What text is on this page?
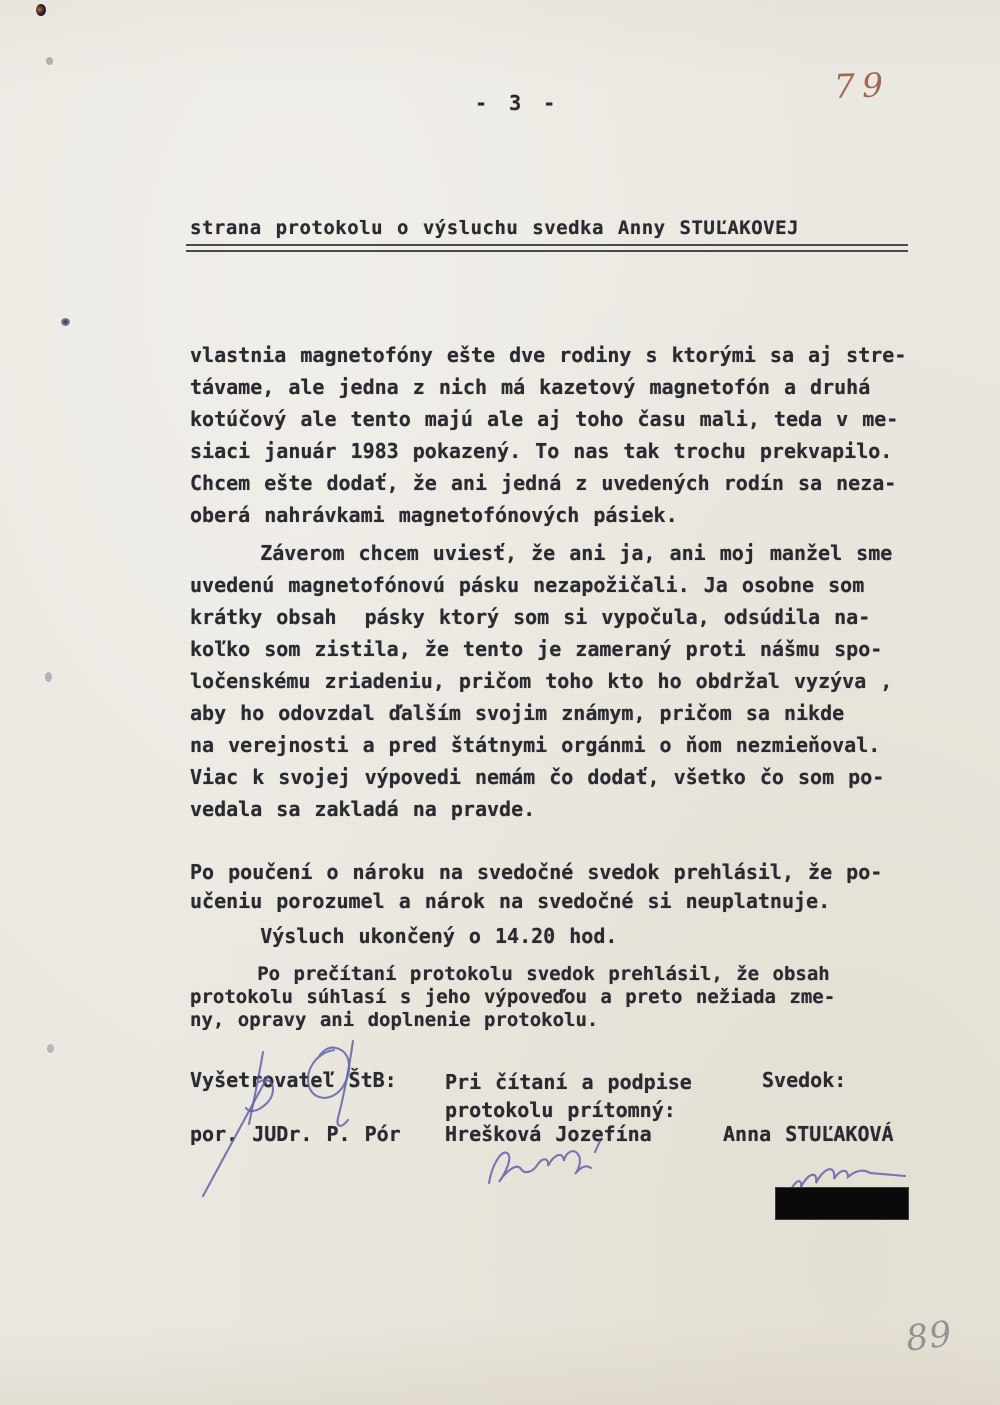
- 3 -	79
strana protokolu o výsluchu svedka Anny STUĽAKOVEJ
vlastnia magnetofóny ešte dve rodiny s ktorými sa aj stre-
távame, ale jedna z nich má kazetový magnetofón a druhá
kotúčový ale tento majú ale aj toho času mali, teda v me-
siaci január 1983 pokazený. To nas tak trochu prekvapilo.
Chcem ešte dodať, že ani jedná z uvedených rodín sa neza-
oberá nahrávkami magnetofónových pásiek.
Záverom chcem uviesť, že ani ja, ani moj manžel sme
uvedenú magnetofónovú pásku nezapožičali. Ja osobne som
krátky obsah  pásky ktorý som si vypočula, odsúdila na-
koľko som zistila, že tento je zameraný proti nášmu spo-
ločenskému zriadeniu, pričom toho kto ho obdržal vyzýva ,
aby ho odovzdal ďalším svojim známym, pričom sa nikde
na verejnosti a pred štátnymi orgánmi o ňom nezmieňoval.
Viac k svojej výpovedi nemám čo dodať, všetko čo som po-
vedala sa zakladá na pravde.
Po poučení o nároku na svedočné svedok prehlásil, že po-
učeniu porozumel a nárok na svedočné si neuplatnuje.
Výsluch ukončený o 14.20 hod.
Po prečítaní protokolu svedok prehlásil, že obsah
protokolu súhlasí s jeho výpoveďou a preto nežiada zme-
ny, opravy ani doplnenie protokolu.
Vyšetrovateľ ŠtB: Pri čítaní a podpise
protokolu prítomný:
Svedok:
por. JUDr. P. Pór Hrešková Jozefína	Anna STUĽAKOVÁ
89
